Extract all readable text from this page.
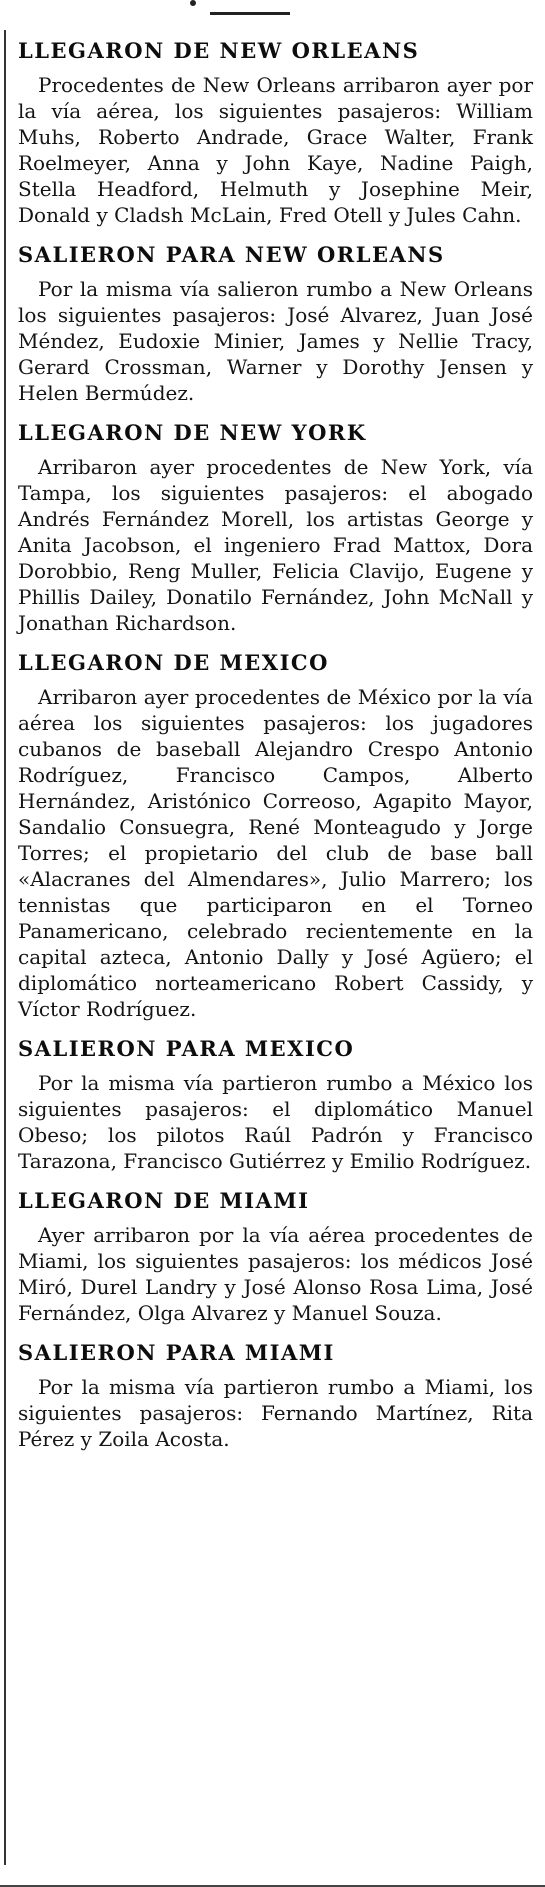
LLEGARON DE NEW ORLEANS

Procedentes de New Orleans arribaron ayer por la vía aérea, los siguientes pasajeros: William Muhs, Roberto Andrade, Grace Walter, Frank Roelmeyer, Anna y John Kaye, Nadine Paigh, Stella Headford, Helmuth y Josephine Meir, Donald y Cladsh McLain, Fred Otell y Jules Cahn.

SALIERON PARA NEW ORLEANS

Por la misma vía salieron rumbo a New Orleans los siguientes pasajeros: José Alvarez, Juan José Méndez, Eudoxie Minier, James y Nellie Tracy, Gerard Crossman, Warner y Dorothy Jensen y Helen Bermúdez.

LLEGARON DE NEW YORK

Arribaron ayer procedentes de New York, vía Tampa, los siguientes pasajeros: el abogado Andrés Fernández Morell, los artistas George y Anita Jacobson, el ingeniero Frad Mattox, Dora Dorobbio, Reng Muller, Felicia Clavijo, Eugene y Phillis Dailey, Donatilo Fernández, John McNall y Jonathan Richardson.

LLEGARON DE MEXICO

Arribaron ayer procedentes de México por la vía aérea los siguientes pasajeros: los jugadores cubanos de baseball Alejandro Crespo Antonio Rodríguez, Francisco Campos, Alberto Hernández, Aristónico Correoso, Agapito Mayor, Sandalio Consuegra, René Monteagudo y Jorge Torres; el propietario del club de base ball «Alacranes del Almendares», Julio Marrero; los tennistas que participaron en el Torneo Panamericano, celebrado recientemente en la capital azteca, Antonio Dally y José Agüero; el diplomático norteamericano Robert Cassidy, y Víctor Rodríguez.

SALIERON PARA MEXICO

Por la misma vía partieron rumbo a México los siguientes pasajeros: el diplomático Manuel Obeso; los pilotos Raúl Padrón y Francisco Tarazona, Francisco Gutiérrez y Emilio Rodríguez.

LLEGARON DE MIAMI

Ayer arribaron por la vía aérea procedentes de Miami, los siguientes pasajeros: los médicos José Miró, Durel Landry y José Alonso Rosa Lima, José Fernández, Olga Alvarez y Manuel Souza.

SALIERON PARA MIAMI

Por la misma vía partieron rumbo a Miami, los siguientes pasajeros: Fernando Martínez, Rita Pérez y Zoila Acosta.
